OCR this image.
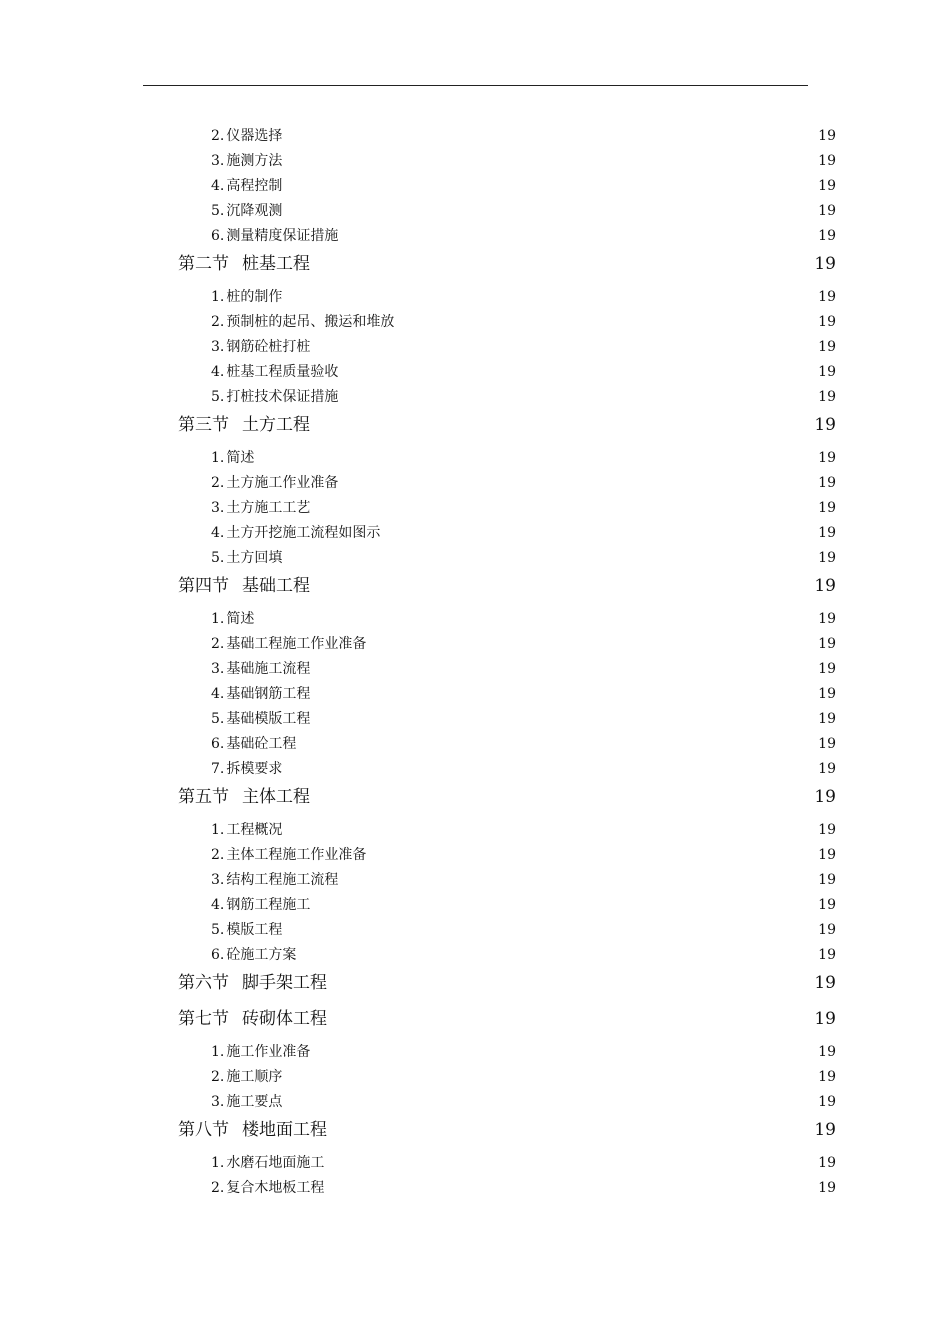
2. 仪器选择 .....	19
3. 施测方法 .....	19
4. 高程控制 .....	19
5. 沉降观测 .....	19
6. 测量精度保证措施 .....	19
第二节 桩基工程 .....	19
1. 桩的制作 .....	19
2. 预制桩的起吊、搬运和堆放 .....	19
3. 钢筋砼桩打桩 .....	19
4. 桩基工程质量验收 .....	19
5. 打桩技术保证措施 .....	19
第三节 土方工程 .....	19
1. 简述 .....	19
2. 土方施工作业准备 .....	19
3. 土方施工工艺 .....	19
4. 土方开挖施工流程如图示 .....	19
5. 土方回填 .....	19
第四节 基础工程 .....	19
1. 简述 .....	19
2. 基础工程施工作业准备 .....	19
3. 基础施工流程 .....	19
4. 基础钢筋工程 .....	19
5. 基础模版工程 .....	19
6. 基础砼工程 .....	19
7. 拆模要求 .....	19
第五节 主体工程 .....	19
1. 工程概况 .....	19
2. 主体工程施工作业准备 .....	19
3. 结构工程施工流程 .....	19
4. 钢筋工程施工 .....	19
5. 模版工程 .....	19
6. 砼施工方案 .....	19
第六节 脚手架工程 .....	19
第七节 砖砌体工程 .....	19
1. 施工作业准备 .....	19
2. 施工顺序 .....	19
3. 施工要点 .....	19
第八节 楼地面工程 .....	19
1. 水磨石地面施工 .....	19
2. 复合木地板工程 .....	19
